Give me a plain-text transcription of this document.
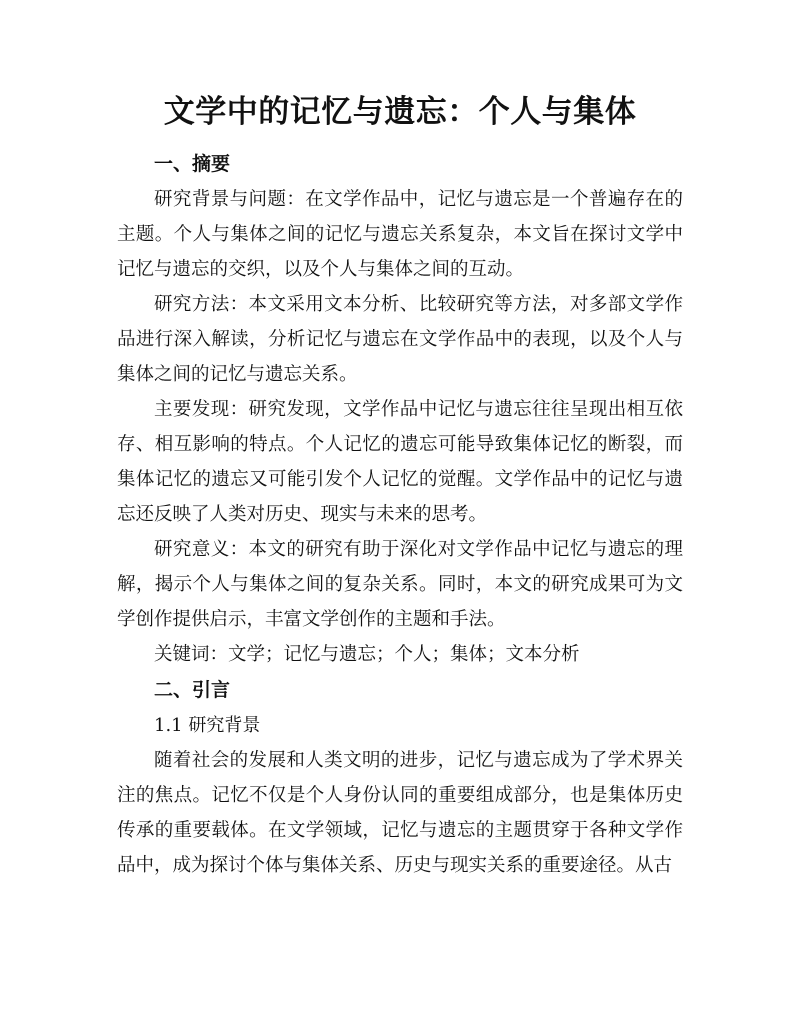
文学中的记忆与遗忘：个人与集体

一、摘要

研究背景与问题：在文学作品中，记忆与遗忘是一个普遍存在的主题。个人与集体之间的记忆与遗忘关系复杂，本文旨在探讨文学中记忆与遗忘的交织，以及个人与集体之间的互动。

研究方法：本文采用文本分析、比较研究等方法，对多部文学作品进行深入解读，分析记忆与遗忘在文学作品中的表现，以及个人与集体之间的记忆与遗忘关系。

主要发现：研究发现，文学作品中记忆与遗忘往往呈现出相互依存、相互影响的特点。个人记忆的遗忘可能导致集体记忆的断裂，而集体记忆的遗忘又可能引发个人记忆的觉醒。文学作品中的记忆与遗忘还反映了人类对历史、现实与未来的思考。

研究意义：本文的研究有助于深化对文学作品中记忆与遗忘的理解，揭示个人与集体之间的复杂关系。同时，本文的研究成果可为文学创作提供启示，丰富文学创作的主题和手法。

关键词：文学；记忆与遗忘；个人；集体；文本分析

二、引言

1.1 研究背景

随着社会的发展和人类文明的进步，记忆与遗忘成为了学术界关注的焦点。记忆不仅是个人身份认同的重要组成部分，也是集体历史传承的重要载体。在文学领域，记忆与遗忘的主题贯穿于各种文学作品中，成为探讨个体与集体关系、历史与现实关系的重要途径。从古
